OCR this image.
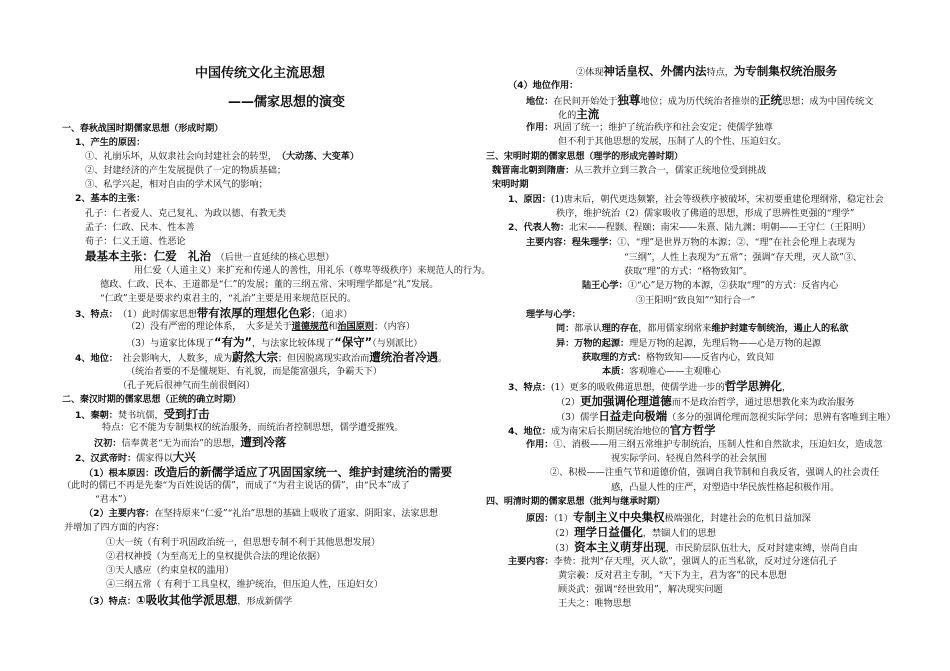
中国传统文化主流思想
——儒家思想的演变
一、春秋战国时期儒家思想（形成时期）
1、产生的原因：
①、礼崩乐坏，从奴隶社会向封建社会的转型，　 （大动荡、大变革）
②、封建经济的产生发展提供了一定的物质基础；
③、私学兴起，相对自由的学术风气的影响；
2、基本的主张：
孔子：仁者爱人、克己复礼、为政以德、有教无类
孟子：仁政、民本、性本善
荀子：仁义王道、性恶论
最基本主张：仁爱　礼治　 （后世一直延续的核心思想）
用仁爱（人道主义）来扩充和传递人的善性，用礼乐（尊卑等级秩序）来规范人的行为。
德政、仁政、民本、王道都是“仁”的发展；董的三纲五常、宋明理学都是“礼”发展。
“仁政”主要是要求约束君主的，“礼治”主要是用来规范臣民的。
3、特点：　 （1）此时儒家思想带有浓厚的理想化色彩；（追求）
（2）没有严密的理论体系，　大多是关于道德规范和治国原则；（内容）
（3）与道家比体现了“有为”，与法家比较体现了“保守”（与别派比）
4、地位：　 社会影响大，人数多，成为蔚然大宗；但因脱离现实政治而遭统治者冷遇。
（统治者要的不是懂规矩、有礼貌，而是能富强兵，争霸天下）
（孔子死后很神气而生前很倒闷）
二、秦汉时期的儒家思想（正统的确立时期）
1、秦朝：焚书坑儒，受到打击
特点：它不能为专制集权的统治服务，而统治者控制思想，儒学遭受摧残。
汉初：信奉黄老“无为而治”的思想，遭到冷落
2、汉武帝时：儒家得以大兴
（1）根本原因：改造后的新儒学适应了巩固国家统一、维护封建统治的需要
（此时的儒已不再是先秦“为百姓说话的儒”，而成了“为君主说话的儒”，由“民本”成了
“君本”）
（2）主要内容：在坚持原来“仁爱”“礼治”思想的基础上吸收了道家、阴阳家、法家思想
并增加了四方面的内容：
①大一统（有利于巩固政治统一，但思想专制不利于其他思想发展）
②君权神授（为至高无上的皇权提供合法的理论依据）
③天人感应（约束皇权的滥用）
④三纲五常（ 有利于工具皇权，维护统治，但压迫人性，压迫妇女）
（3）特点：①吸收其他学派思想，形成新儒学
②体现神话皇权、外儒内法特点，为专制集权统治服务
（4）地位作用：
地位：在民间开始处于独尊地位；成为历代统治者推崇的正统思想；成为中国传统文
化的主流
作用：巩固了统一；维护了统治秩序和社会安定；使儒学独尊
但不利于其他思想的发展，压制了人的个性、压迫妇女。
三、宋明时期的儒家思想（理学的形成完善时期）
魏晋南北朝到隋唐：从三教并立到三教合一，儒家正统地位受到挑战
宋明时期
1、原因：(1)唐末后，朝代更迭频繁，社会等级秩序被破坏，宋初要重建伦理纲常，稳定社会
秩序，维护统治（2）儒家吸收了佛道的思想，形成了思辨性更强的“理学”
2、代表人物：北宋——程颢、程颐；南宋——朱熹、陆九渊；明朝——王守仁（王阳明）
主要内容：程朱理学：①、“理”是世界万物的本源；②、“理”在社会伦理上表现为
“三纲”，人性上表现为“五常”；强调“存天理，灭人欲”③、
获取“理”的方式：“格物致知”。
陆王心学：①“心”是万物的本源，②获取“理”的方式：反省内心
③王阳明“致良知”“知行合一”
理学与心学：
同：都承认理的存在，都用儒家纲常来维护封建专制统治，遏止人的私欲
异：万物的起源：理是万物的起源，先理后物——心是万物的起源
获取理的方式：格物致知——反省内心，致良知
本质：客观唯心——主观唯心
3、特点：(1）更多的吸收佛道思想，使儒学进一步的哲学思辨化，
（2）更加强调伦理道德而不是政治哲学，通过思想教化来为政治服务
（3）儒学日益走向极端（多分的强调伦理而忽视实际学问；思辨有客唯到主唯）
4、地位：成为南宋后长期居统治地位的官方哲学
作用：①、消极——用三纲五常维护专制统治，压制人性和自然欲求，压迫妇女，造成忽
视实际学问、轻视自然科学的社会氛围
②、积极——注重气节和道德价值，强调自我节制和自我反省，强调人的社会责任
感，凸显人性的庄严，对塑造中华民族性格起积极作用。
四、明清时期的儒家思想（批判与继承时期）
原因：（1）专制主义中央集权极端强化，封建社会的危机日益加深
（2）理学日益僵化，禁锢人们的思想
（3）资本主义萌芽出现，市民阶层队伍壮大，反对封建束缚，崇尚自由
主要内容：李贽：批判“存天理，灭人欲”，强调人的正当私欲，反对过分迷信孔子
黄宗羲：反对君主专制，“天下为主，君为客”的民本思想
顾炎武：强调“经世致用”，解决现实问题
王夫之：唯物思想
